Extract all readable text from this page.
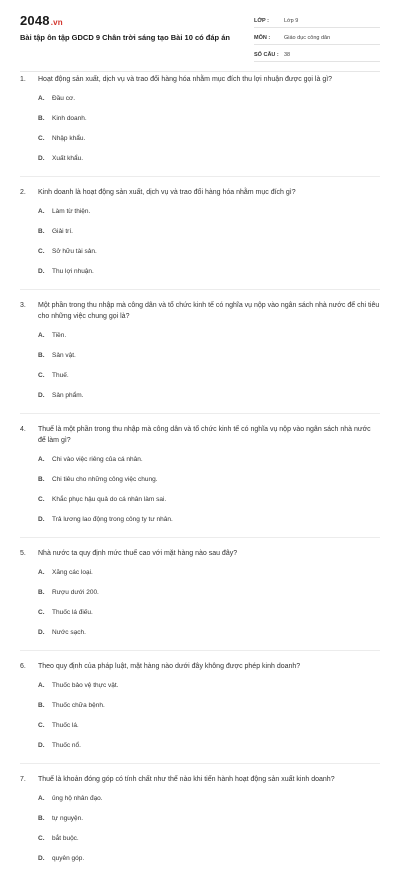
2048.vn
Bài tập ôn tập GDCD 9 Chân trời sáng tạo Bài 10 có đáp án
LỚP :	Lớp 9
MÔN :	Giáo dục công dân
SỐ CÂU : 38
1.	Hoạt động sản xuất, dịch vụ và trao đổi hàng hóa nhằm mục đích thu lợi nhuận được gọi là gì?
A.	Đầu cơ.
B.	Kinh doanh.
C.	Nhập khẩu.
D.	Xuất khẩu.
2.	Kinh doanh là hoạt động sản xuất, dịch vụ và trao đổi hàng hóa nhằm mục đích gì?
A.	Làm từ thiện.
B.	Giải trí.
C.	Sở hữu tài sản.
D.	Thu lợi nhuận.
3.	Một phần trong thu nhập mà công dân và tổ chức kinh tế có nghĩa vụ nộp vào ngân sách nhà nước để chi tiêu cho những việc chung gọi là?
A.	Tiền.
B.	Sản vật.
C.	Thuế.
D.	Sản phẩm.
4.	Thuế là một phần trong thu nhập mà công dân và tổ chức kinh tế có nghĩa vụ nộp vào ngân sách nhà nước để làm gì?
A.	Chi vào việc riêng của cá nhân.
B.	Chi tiêu cho những công việc chung.
C.	Khắc phục hậu quả do cá nhân làm sai.
D.	Trả lương lao động trong công ty tư nhân.
5.	Nhà nước ta quy định mức thuế cao với mặt hàng nào sau đây?
A.	Xăng các loại.
B.	Rượu dưới 200.
C.	Thuốc lá điếu.
D.	Nước sạch.
6.	Theo quy định của pháp luật, mặt hàng nào dưới đây không được phép kinh doanh?
A.	Thuốc bảo vệ thực vật.
B.	Thuốc chữa bệnh.
C.	Thuốc lá.
D.	Thuốc nổ.
7.	Thuế là khoản đóng góp có tính chất như thế nào khi tiến hành hoạt động sản xuất kinh doanh?
A.	ủng hộ nhân đạo.
B.	tự nguyện.
C.	bắt buộc.
D.	quyên góp.
